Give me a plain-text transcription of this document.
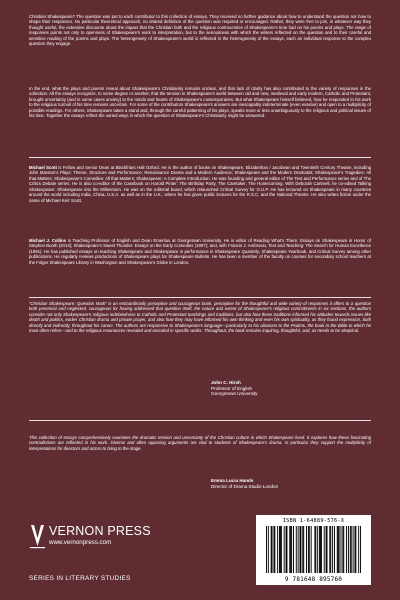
Christian Shakespeare? The question was put to each contributor to this collection of essays. They received no further guidance about how to understand the question nor how to shape their responses. No particular theoretical approach, no shared definition of the question was required or encouraged. Rather, they were free to join, in whatever way they thought useful, the extensive discourse about the impact that the Christian faith and the religious controversies of Shakespeare's time had on his poems and plays. The range of responses points not only to openness of Shakespeare's work to interpretation, but to the seriousness with which the writers reflected on the question and to their careful and sensitive reading of the poems and plays. The heterogeneity of Shakespeare's world is reflected in the heterogeneity of the essays, each an individual response to the complex question they engage.

In the end, what the plays and poems reveal about Shakespeare's Christianity remains unclear, and that lack of clarity has also contributed to the variety of responses in the collection. All the essays recognize, to some degree or another, that the tension in Shakespeare's world between old and new, medieval and early modern, Catholic and Protestant, brought uncertainty (and in some cases anxiety) to the minds and hearts of Shakespeare's contemporaries. But what Shakespeare himself believed, how he responded in his work to the religious turmoil of his time remains uncertain. For some of the contributors Shakespeare's answers are inescapably indeterminate (even evasive) and open to a multiplicity of possible readings. For others, Shakespeare takes a stand and, through the careful patterning of his plays, speaks more or less unambiguously to the religious and political issues of his time. Together the essays reflect the varied ways in which the question of Shakespeare's Christianity might be answered.

Michael Scott is Fellow and Senior Dean at Blackfriars Hall Oxford. He is the author of books on Shakespeare, Elizabethan / Jacobean and Twentieth Century Theatre, including John Marston's Plays: Theme, Structure and Performance; Renaissance Drama and a Modern Audience; Shakespeare and the Modern Dramatist; Shakespeare's Tragedies: All that Matters; Shakespeare's Comedies: All that Matters; Shakespeare: A Complete Introduction. He was founding and general editor of The Text and Performance series and of The Critics Debate series. He is also co-editor of the Casebook on Harold Pinter: The Birthday Party, The Caretaker, The Homecoming. With Deborah Cartmell, he co-edited Talking Shakespeare: Shakespeare into the Millennium. He was on the editorial board, which relaunched Critical Survey for O.U.P. He has lectured on Shakespeare in many countries around the world including India, China, U.S.A. as well as in the U.K., where he has given public lectures for the R.S.C. and the National Theatre. He also writes fiction under the name of Michael Kerr Scott.

Michael J. Collins is Teaching Professor of English and Dean Emeritus at Georgetown University. He is editor of Reading What's There: Essays on Shakespeare in Honor of Stephen Booth (2014); Shakespeare's Sweet Thunder: Essays on the Early Comedies (1997); and, with Francis J. Ambrosio, Text and Teaching: The Search for Human Excellence (1991). He has published essays on teaching Shakespeare and Shakespeare in performance in Shakespeare Quarterly, Shakespeare Yearbook, and Critical Survey among other publications. He regularly reviews productions of Shakespeare plays for Shakespeare Bulletin. He has been a member of the faculty on courses for secondary school teachers at the Folger Shakespeare Library in Washington and Shakespeare's Globe in London.

“Christian Shakespeare: Question Mark” is an extraordinarily perceptive and courageous book, perceptive for the thoughtful and wide variety of responses it offers to a question both perennial and neglected, courageous for having addressed that question itself, the nature and extent of Shakespeare's religious commitments in six sections, the authors consider not only Shakespeare's religious indebtedness to Catholic and Protestant teachings and traditions, but also how these traditions informed his attitudes towards issues like death and politics, earlier Christian drama and private prayer, and also how they may have informed his own thinking and even his own spirituality, as they found expression, both directly and indirectly, throughout his canon. The authors are responsive to Shakespeare's language—particularly to his allusions to the Psalms, the book in the Bible to which he most often refers—and to the religious resonances revealed and encoded in specific works. Throughout, the book remains inquiring, thoughtful, and, as needs to be skeptical.

John C. Hirsh
Professor of English
Georgetown University

This collection of essays comprehensively examines the dramatic tension and uncertainty of the Christian culture in which Shakespeare lived. It explores how these fascinating contradictions are reflected in his work. Diverse and often opposing arguments are vital to students of Shakespeare's drama. In particular they support the multiplicity of interpretations for directors and actors to bring to the stage.

Emma Lucia Hands
Director of Drama Studio London
VERNON PRESS
www.vernonpress.com
SERIES IN LITERARY STUDIES
ISBN 1-64889-576-X
9 781648 895760
